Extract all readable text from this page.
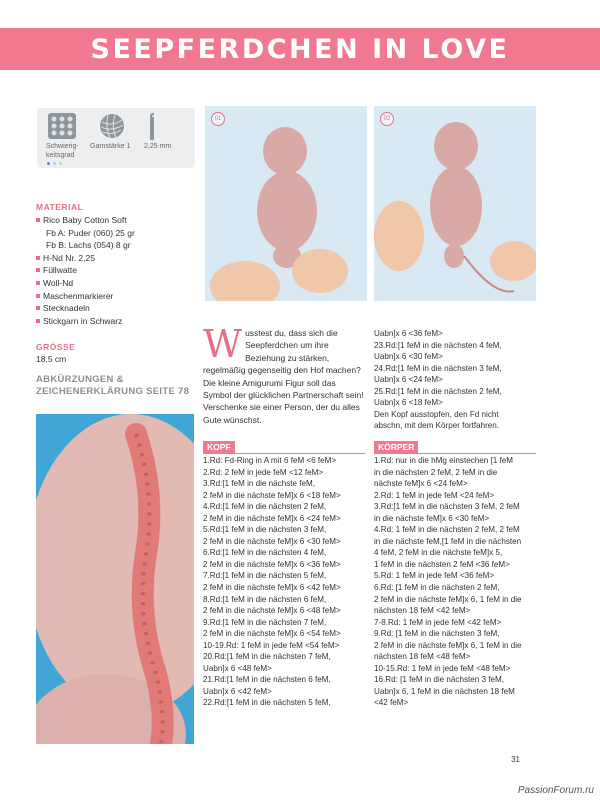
SEEPFERDCHEN IN LOVE
Schwierig-keitsgrad
Garnstärke 1 2,25 mm
MATERIAL
Rico Baby Cotton Soft
Fb A: Puder (060) 25 gr
Fb B: Lachs (054) 8 gr
H-Nd Nr. 2,25
Füllwatte
Woll-Nd
Maschenmarkierer
Stecknadeln
Stickgarn in Schwarz
GRÖSSE
18,5 cm
ABKÜRZUNGEN &
ZEICHENERKLÄRUNG SEITE 78
01	02
Wusstest du, dass sich die Seepferdchen um ihre Beziehung zu stärken, regelmäßig gegenseitig den Hof machen? Die kleine Amigurumi Figur soll das Symbol der glücklichen Partnerschaft sein! Verschenke sie einer Person, der du alles Gute wünschst.
KOPF
1.Rd: Fd-Ring in A mit 6 feM <6 feM>
2.Rd: 2 feM in jede feM <12 feM>
3.Rd:[1 feM in die nächste feM,
2 feM in die nächste feM]x 6 <18 feM>
4.Rd:[1 feM in die nächsten 2 feM,
2 feM in die nächste feM]x 6 <24 feM>
5.Rd:[1 feM in die nächsten 3 feM,
2 feM in die nächste feM]x 6 <30 feM>
6.Rd:[1 feM in die nächsten 4 feM,
2 feM in die nächste feM]x 6 <36 feM>
7.Rd:[1 feM in die nächsten 5 feM,
2 feM in die nächste feM]x 6 <42 feM>
8.Rd:[1 feM in die nächsten 6 feM,
2 feM in die nächste feM]x 6 <48 feM>
9.Rd:[1 feM in die nächsten 7 feM,
2 feM in die nächste feM]x 6 <54 feM>
10-19.Rd: 1 feM in jede feM <54 feM>
20.Rd:[1 feM in die nächsten 7 feM,
Uabn]x 6 <48 feM>
21.Rd:[1 feM in die nächsten 6 feM,
Uabn]x 6 <42 feM>
22.Rd:[1 feM in die nächsten 5 feM,
Uabn]x 6 <36 feM>
23.Rd:[1 feM in die nächsten 4 feM,
Uabn]x 6 <30 feM>
24.Rd:[1 feM in die nächsten 3 feM,
Uabn]x 6 <24 feM>
25.Rd:[1 feM in die nächsten 2 feM,
Uabn]x 6 <18 feM>
Den Kopf ausstopfen, den Fd nicht
abschn, mit dem Körper fortfahren.
KÖRPER
1.Rd: nur in die hMg einstechen [1 feM
in die nächsten 2 feM, 2 feM in die
nächste feM]x 6 <24 feM>
2.Rd: 1 feM in jede feM <24 feM>
3.Rd:[1 feM in die nächsten 3 feM, 2 feM
in die nächste feM]x 6 <30 feM>
4.Rd: 1 feM in die nächsten 2 feM, 2 feM
in die nächste feM,[1 feM in die nächsten
4 feM, 2 feM in die nächste feM]x 5,
1 feM in die nächsten 2 feM <36 feM>
5.Rd: 1 feM in jede feM <36 feM>
6.Rd: [1 feM in die nächsten 2 feM,
2 feM in die nächste feM]x 6, 1 feM in die
nächsten 18 feM <42 feM>
7-8.Rd: 1 feM in jede feM <42 feM>
9.Rd: [1 feM in die nächsten 3 feM,
2 feM in die nächste feM]x 6, 1 feM in die
nächsten 18 feM <48 feM>
10-15.Rd: 1 feM in jede feM <48 feM>
16.Rd: [1 feM in die nächsten 3 feM,
Uabn]x 6, 1 feM in die nächsten 18 feM
<42 feM>
31
PassionForum.ru
